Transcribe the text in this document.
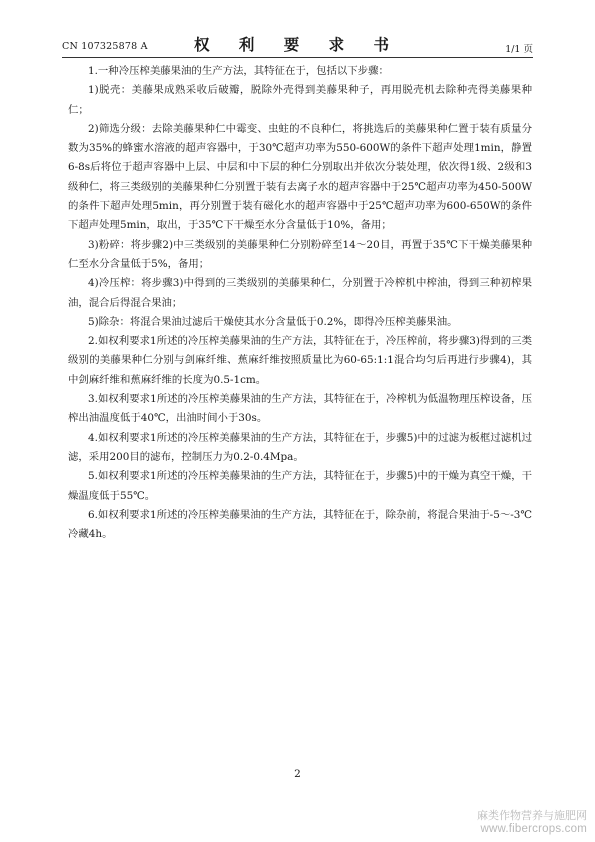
CN 107325878 A	权 利 要 求 书	1/1 页

1.一种冷压榨美藤果油的生产方法，其特征在于，包括以下步骤：

1)脱壳：美藤果成熟采收后破瓣，脱除外壳得到美藤果种子，再用脱壳机去除种壳得美藤果种仁；

2)筛选分级：去除美藤果种仁中霉变、虫蛀的不良种仁，将挑选后的美藤果种仁置于装有质量分数为35%的蜂蜜水溶液的超声容器中，于30℃超声功率为550-600W的条件下超声处理1min，静置6-8s后将位于超声容器中上层、中层和中下层的种仁分别取出并依次分装处理，依次得1级、2级和3级种仁，将三类级别的美藤果种仁分别置于装有去离子水的超声容器中于25℃超声功率为450-500W的条件下超声处理5min，再分别置于装有磁化水的超声容器中于25℃超声功率为600-650W的条件下超声处理5min，取出，于35℃下干燥至水分含量低于10%，备用；

3)粉碎：将步骤2)中三类级别的美藤果种仁分别粉碎至14～20目，再置于35℃下干燥美藤果种仁至水分含量低于5%，备用；

4)冷压榨：将步骤3)中得到的三类级别的美藤果种仁，分别置于冷榨机中榨油，得到三种初榨果油，混合后得混合果油；

5)除杂：将混合果油过滤后干燥使其水分含量低于0.2%，即得冷压榨美藤果油。

2.如权利要求1所述的冷压榨美藤果油的生产方法，其特征在于，冷压榨前，将步骤3)得到的三类级别的美藤果种仁分别与剑麻纤维、蕉麻纤维按照质量比为60-65:1:1混合均匀后再进行步骤4)，其中剑麻纤维和蕉麻纤维的长度为0.5-1cm。

3.如权利要求1所述的冷压榨美藤果油的生产方法，其特征在于，冷榨机为低温物理压榨设备，压榨出油温度低于40℃，出油时间小于30s。

4.如权利要求1所述的冷压榨美藤果油的生产方法，其特征在于，步骤5)中的过滤为板框过滤机过滤，采用200目的滤布，控制压力为0.2-0.4Mpa。

5.如权利要求1所述的冷压榨美藤果油的生产方法，其特征在于，步骤5)中的干燥为真空干燥，干燥温度低于55℃。

6.如权利要求1所述的冷压榨美藤果油的生产方法，其特征在于，除杂前，将混合果油于-5～-3℃冷藏4h。

2
麻类作物营养与施肥网
www.fibercrops.com
